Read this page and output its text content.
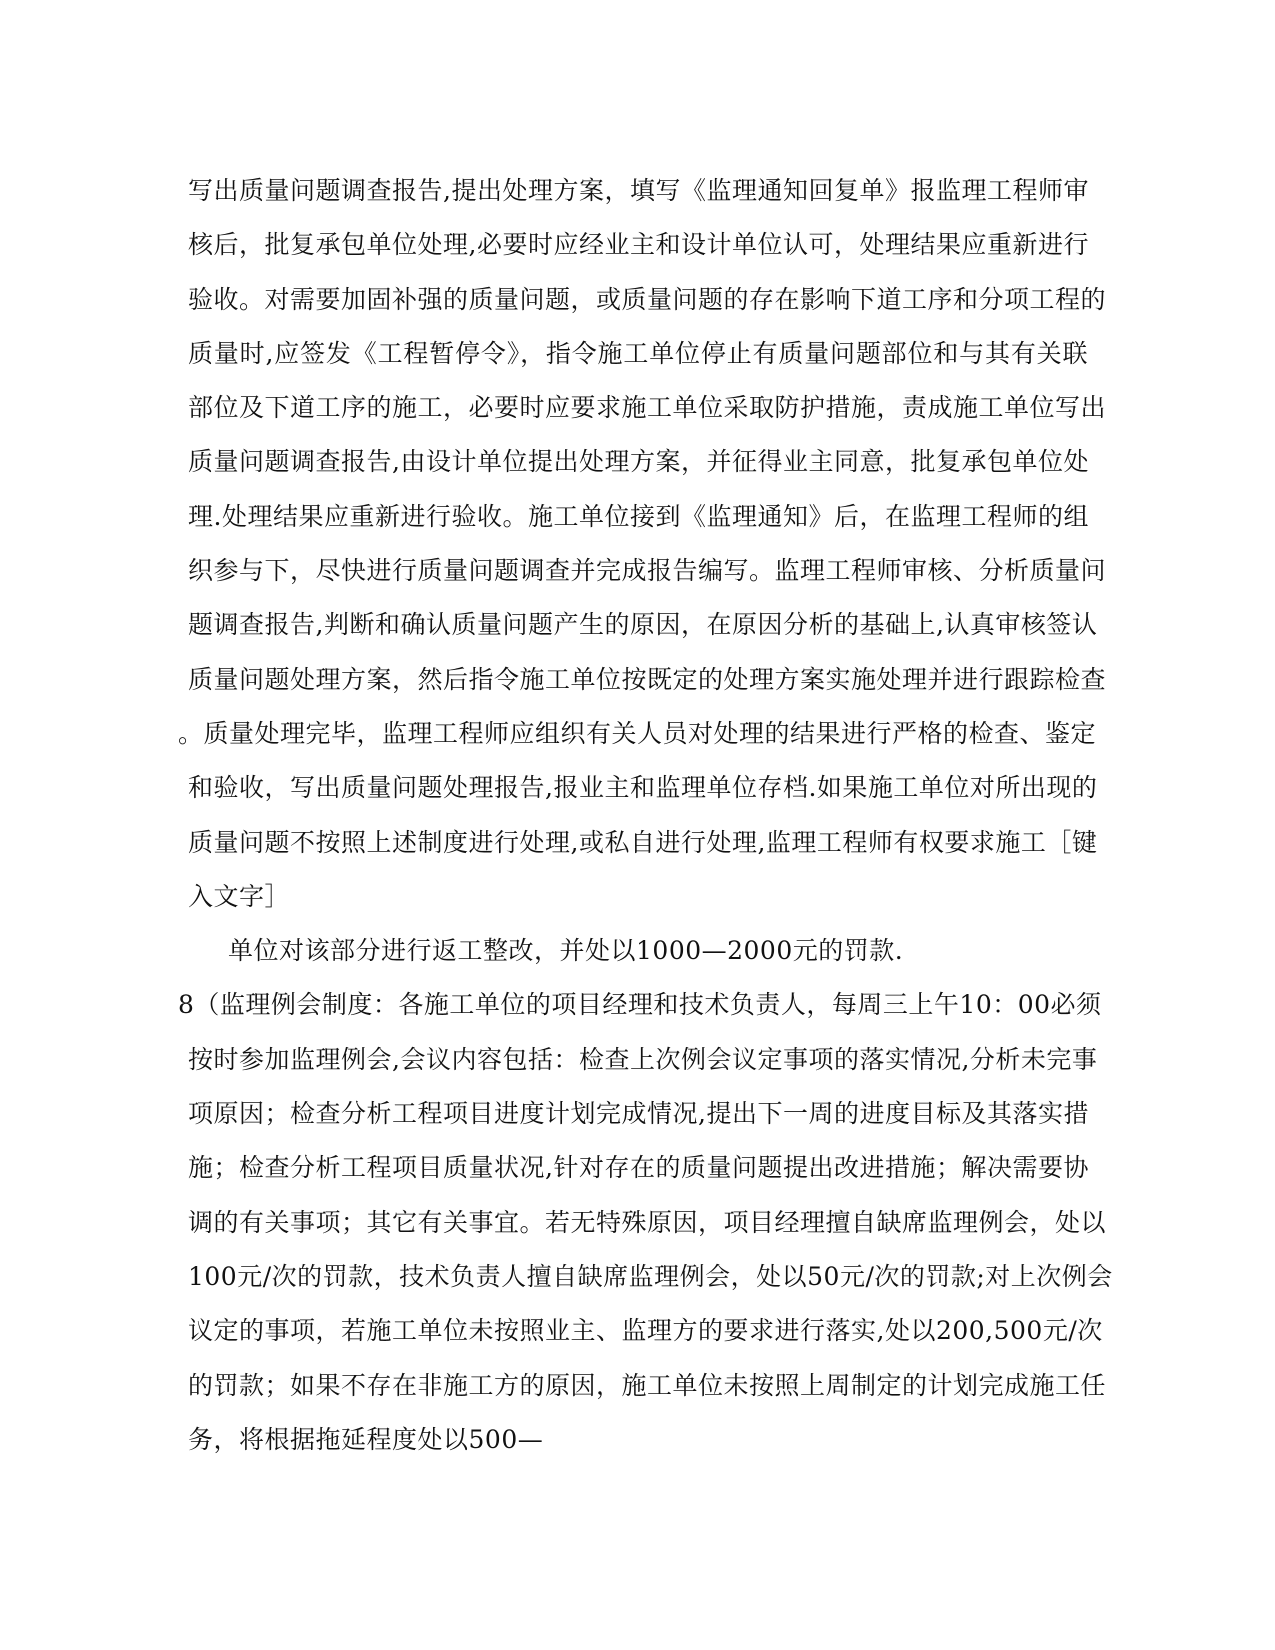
写出质量问题调查报告,提出处理方案，填写《监理通知回复单》报监理工程师审
核后，批复承包单位处理,必要时应经业主和设计单位认可，处理结果应重新进行
验收。对需要加固补强的质量问题，或质量问题的存在影响下道工序和分项工程的
质量时,应签发《工程暂停令》，指令施工单位停止有质量问题部位和与其有关联
部位及下道工序的施工，必要时应要求施工单位采取防护措施，责成施工单位写出
质量问题调查报告,由设计单位提出处理方案，并征得业主同意，批复承包单位处
理.处理结果应重新进行验收。施工单位接到《监理通知》后，在监理工程师的组
织参与下，尽快进行质量问题调查并完成报告编写。监理工程师审核、分析质量问
题调查报告,判断和确认质量问题产生的原因，在原因分析的基础上,认真审核签认
质量问题处理方案，然后指令施工单位按既定的处理方案实施处理并进行跟踪检查
。质量处理完毕，监理工程师应组织有关人员对处理的结果进行严格的检查、鉴定
和验收，写出质量问题处理报告,报业主和监理单位存档.如果施工单位对所出现的
质量问题不按照上述制度进行处理,或私自进行处理,监理工程师有权要求施工［键
入文字］
单位对该部分进行返工整改，并处以1000—2000元的罚款.
8（监理例会制度：各施工单位的项目经理和技术负责人，每周三上午10：00必须
按时参加监理例会,会议内容包括：检查上次例会议定事项的落实情况,分析未完事
项原因；检查分析工程项目进度计划完成情况,提出下一周的进度目标及其落实措
施；检查分析工程项目质量状况,针对存在的质量问题提出改进措施；解决需要协
调的有关事项；其它有关事宜。若无特殊原因，项目经理擅自缺席监理例会，处以
100元/次的罚款，技术负责人擅自缺席监理例会，处以50元/次的罚款;对上次例会
议定的事项，若施工单位未按照业主、监理方的要求进行落实,处以200,500元/次
的罚款；如果不存在非施工方的原因，施工单位未按照上周制定的计划完成施工任
务，将根据拖延程度处以500—
